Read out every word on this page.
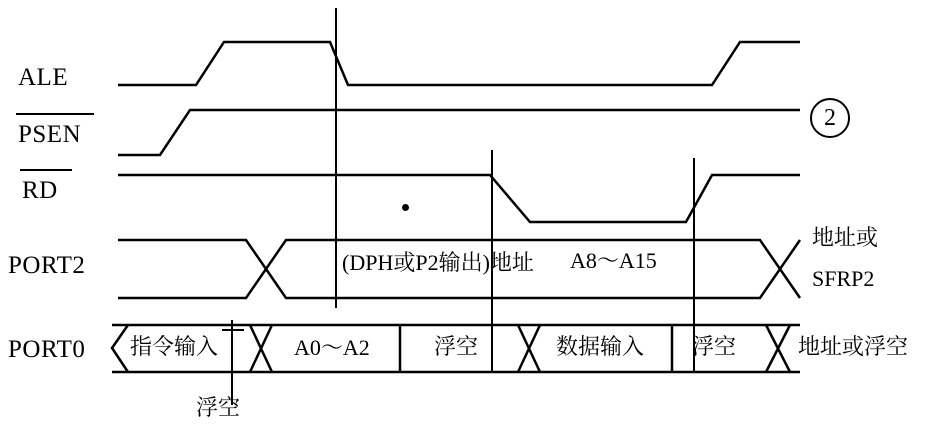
ALE
PSEN
RD
PORT2
PORT0
2
(DPH或P2输出)地址 A8～A15
地址或
SFRP2
指令输入	A0～A2	浮空	数据输入 浮空	地址或浮空
浮空
